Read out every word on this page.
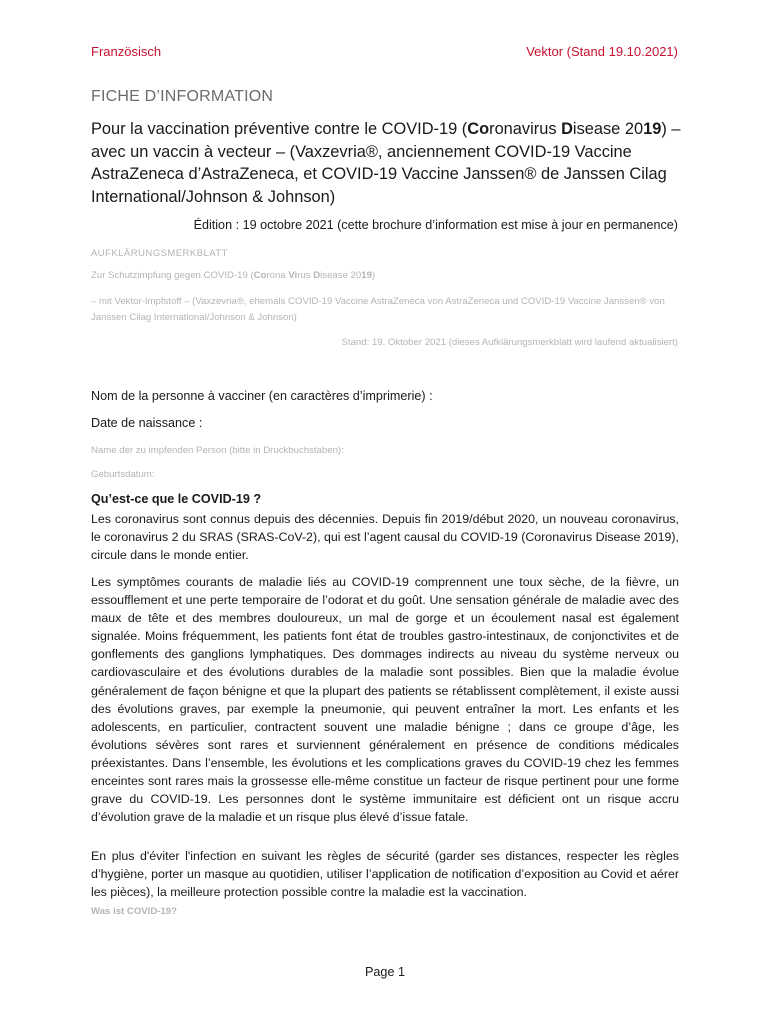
Französisch	Vektor (Stand 19.10.2021)
FICHE D’INFORMATION
Pour la vaccination préventive contre le COVID-19 (Coronavirus Disease 2019) – avec un vaccin à vecteur – (Vaxzevria®, anciennement COVID-19 Vaccine AstraZeneca d’AstraZeneca, et COVID-19 Vaccine Janssen® de Janssen Cilag International/Johnson & Johnson)
Édition : 19 octobre 2021 (cette brochure d’information est mise à jour en permanence)
AUFKLÄRUNGSMERKBLATT
Zur Schutzimpfung gegen COVID-19 (Corona Virus Disease 2019)
– mit Vektor-Impfstoff – (Vaxzevria®, ehemals COVID-19 Vaccine AstraZeneca von AstraZeneca und COVID-19 Vaccine Janssen® von Janssen Cilag International/Johnson & Johnson)
Stand: 19. Oktober 2021 (dieses Aufklärungsmerkblatt wird laufend aktualisiert)
Nom de la personne à vacciner (en caractères d’imprimerie) :
Date de naissance :
Name der zu impfenden Person (bitte in Druckbuchstaben):
Geburtsdatum:
Qu’est-ce que le COVID-19 ?
Les coronavirus sont connus depuis des décennies. Depuis fin 2019/début 2020, un nouveau coronavirus, le coronavirus 2 du SRAS (SRAS-CoV-2), qui est l’agent causal du COVID-19 (Coronavirus Disease 2019), circule dans le monde entier.
Les symptômes courants de maladie liés au COVID-19 comprennent une toux sèche, de la fièvre, un essoufflement et une perte temporaire de l’odorat et du goût. Une sensation générale de maladie avec des maux de tête et des membres douloureux, un mal de gorge et un écoulement nasal est également signalée. Moins fréquemment, les patients font état de troubles gastro-intestinaux, de conjonctivites et de gonflements des ganglions lymphatiques. Des dommages indirects au niveau du système nerveux ou cardiovasculaire et des évolutions durables de la maladie sont possibles. Bien que la maladie évolue généralement de façon bénigne et que la plupart des patients se rétablissent complètement, il existe aussi des évolutions graves, par exemple la pneumonie, qui peuvent entraîner la mort. Les enfants et les adolescents, en particulier, contractent souvent une maladie bénigne ; dans ce groupe d’âge, les évolutions sévères sont rares et surviennent généralement en présence de conditions médicales préexistantes. Dans l’ensemble, les évolutions et les complications graves du COVID-19 chez les femmes enceintes sont rares mais la grossesse elle-même constitue un facteur de risque pertinent pour une forme grave du COVID-19. Les personnes dont le système immunitaire est déficient ont un risque accru d’évolution grave de la maladie et un risque plus élevé d’issue fatale.
En plus d'éviter l'infection en suivant les règles de sécurité (garder ses distances, respecter les règles d’hygiène, porter un masque au quotidien, utiliser l’application de notification d’exposition au Covid et aérer les pièces), la meilleure protection possible contre la maladie est la vaccination.
Was ist COVID-19?
Page 1
